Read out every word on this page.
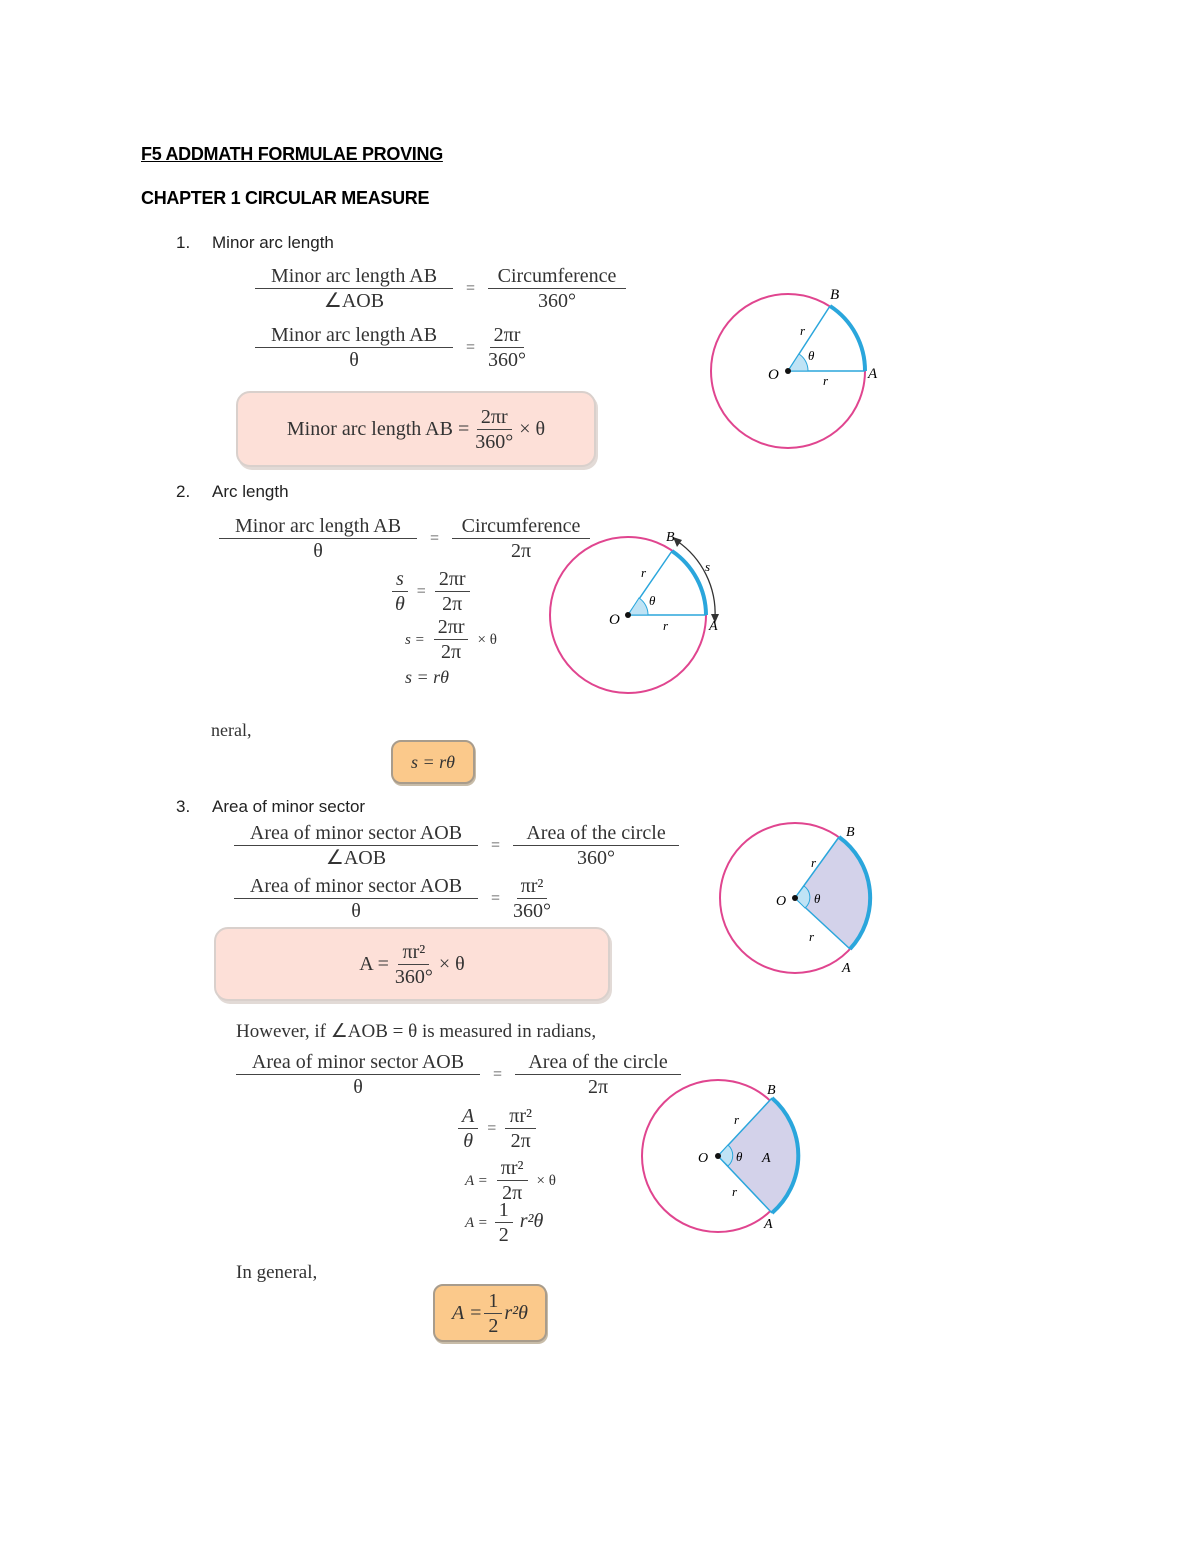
F5 ADDMATH FORMULAE PROVING
CHAPTER 1 CIRCULAR MEASURE
1. Minor arc length
$\frac{\text{Minor arc length AB}}{\text{∠AOB}} = \frac{\text{Circumference}}{360^\circ}$
$\frac{\text{Minor arc length AB}}{\theta} = \frac{2\pi r}{360^\circ}$
Minor arc length AB = $\frac{2\pi r}{360^\circ} \times \theta$
O	A
B
r
r
θ
2. Arc length
$\frac{\text{Minor arc length AB}}{\theta} = \frac{\text{Circumference}}{2\pi}$
$\frac{s}{\theta} = \frac{2\pi r}{2\pi}$
$s = \frac{2\pi r}{2\pi} \times \theta$
s = rθ
neral,
s = rθ
O	A
B
r
r
θ
s
3. Area of minor sector
$\frac{\text{Area of minor sector AOB}}{\text{∠AOB}} = \frac{\text{Area of the circle}}{360^\circ}$
$\frac{\text{Area of minor sector AOB}}{\theta} = \frac{\text{πr²}}{360^\circ}$
$A = \frac{\text{πr²}}{360^\circ} \times \theta$
O
A
B
r
r
θ
However, if ∠AOB = θ is measured in radians,
$\frac{\text{Area of minor sector AOB}}{\theta} = \frac{\text{Area of the circle}}{2\pi}$
$\frac{A}{\theta} = \frac{\text{πr²}}{2\pi}$
$A = \frac{\text{πr²}}{2\pi} \times \theta$
$A = \frac{1}{2} r^2\theta$
In general,
$A = \frac{1}{2} r^2\theta$
O	A
A
B
r
r
θ
